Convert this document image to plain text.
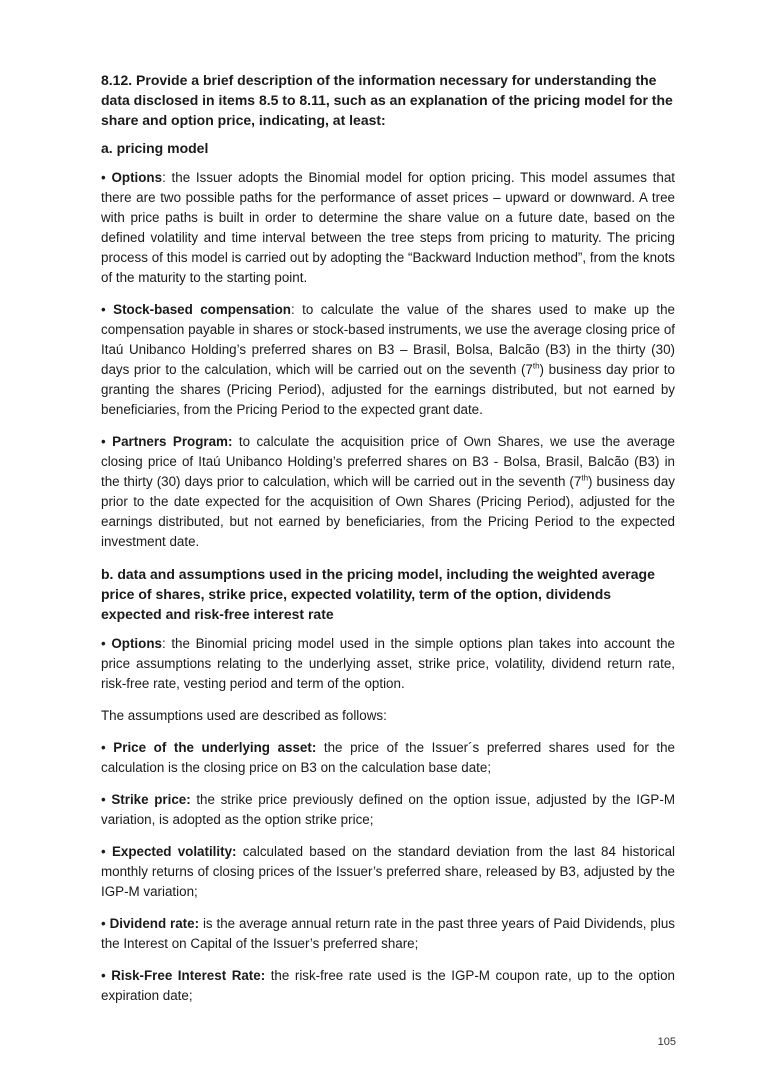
8.12. Provide a brief description of the information necessary for understanding the data disclosed in items 8.5 to 8.11, such as an explanation of the pricing model for the share and option price, indicating, at least:

a. pricing model

• Options: the Issuer adopts the Binomial model for option pricing. This model assumes that there are two possible paths for the performance of asset prices – upward or downward. A tree with price paths is built in order to determine the share value on a future date, based on the defined volatility and time interval between the tree steps from pricing to maturity. The pricing process of this model is carried out by adopting the “Backward Induction method”, from the knots of the maturity to the starting point.

• Stock-based compensation: to calculate the value of the shares used to make up the compensation payable in shares or stock-based instruments, we use the average closing price of Itaú Unibanco Holding’s preferred shares on B3 – Brasil, Bolsa, Balcão (B3) in the thirty (30) days prior to the calculation, which will be carried out on the seventh (7th) business day prior to granting the shares (Pricing Period), adjusted for the earnings distributed, but not earned by beneficiaries, from the Pricing Period to the expected grant date.

• Partners Program: to calculate the acquisition price of Own Shares, we use the average closing price of Itaú Unibanco Holding’s preferred shares on B3 - Bolsa, Brasil, Balcão (B3) in the thirty (30) days prior to calculation, which will be carried out in the seventh (7th) business day prior to the date expected for the acquisition of Own Shares (Pricing Period), adjusted for the earnings distributed, but not earned by beneficiaries, from the Pricing Period to the expected investment date.

b. data and assumptions used in the pricing model, including the weighted average price of shares, strike price, expected volatility, term of the option, dividends expected and risk-free interest rate

• Options: the Binomial pricing model used in the simple options plan takes into account the price assumptions relating to the underlying asset, strike price, volatility, dividend return rate, risk-free rate, vesting period and term of the option.

The assumptions used are described as follows:

• Price of the underlying asset: the price of the Issuer´s preferred shares used for the calculation is the closing price on B3 on the calculation base date;

• Strike price: the strike price previously defined on the option issue, adjusted by the IGP-M variation, is adopted as the option strike price;

• Expected volatility: calculated based on the standard deviation from the last 84 historical monthly returns of closing prices of the Issuer’s preferred share, released by B3, adjusted by the IGP-M variation;

• Dividend rate: is the average annual return rate in the past three years of Paid Dividends, plus the Interest on Capital of the Issuer’s preferred share;

• Risk-Free Interest Rate: the risk-free rate used is the IGP-M coupon rate, up to the option expiration date;

105
